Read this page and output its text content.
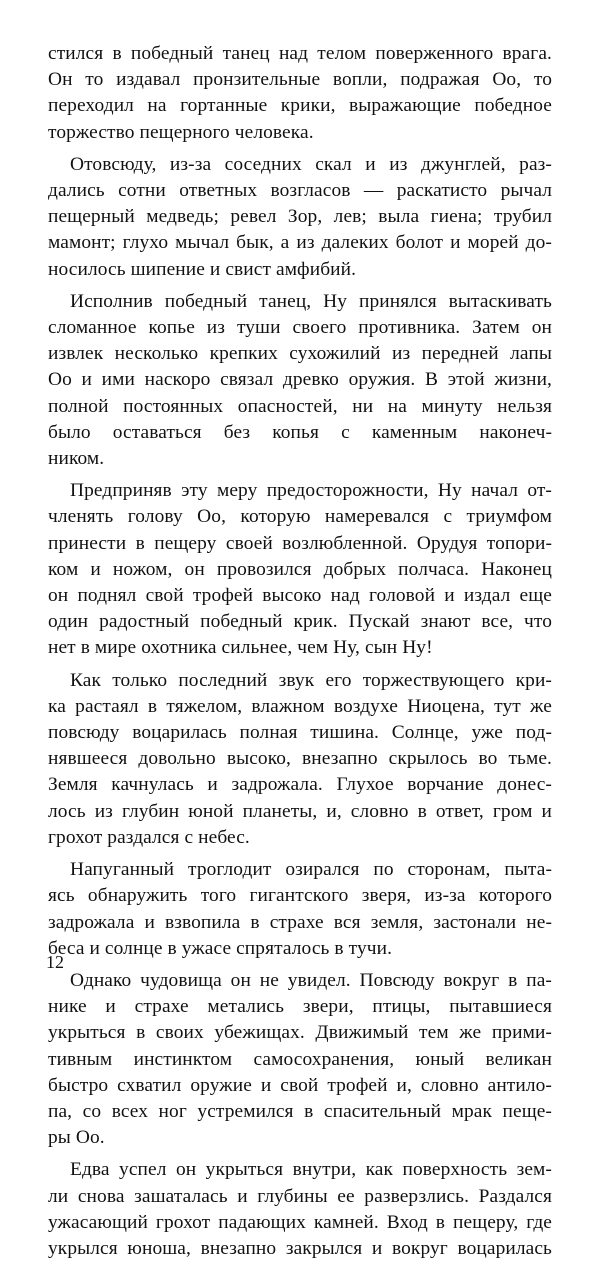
стился в победный танец над телом поверженного врага.
Он то издавал пронзительные вопли, подражая Оо, то
переходил на гортанные крики, выражающие победное
торжество пещерного человека.

Отовсюду, из-за соседних скал и из джунглей, раз-
дались сотни ответных возгласов — раскатисто рычал
пещерный медведь; ревел Зор, лев; выла гиена; трубил
мамонт; глухо мычал бык, а из далеких болот и морей до-
носилось шипение и свист амфибий.

Исполнив победный танец, Ну принялся вытаскивать
сломанное копье из туши своего противника. Затем он
извлек несколько крепких сухожилий из передней лапы
Оо и ими наскоро связал древко оружия. В этой жизни,
полной постоянных опасностей, ни на минуту нельзя
было оставаться без копья с каменным наконеч-
ником.

Предприняв эту меру предосторожности, Ну начал от-
членять голову Оо, которую намеревался с триумфом
принести в пещеру своей возлюбленной. Орудуя топори-
ком и ножом, он провозился добрых полчаса. Наконец
он поднял свой трофей высоко над головой и издал еще
один радостный победный крик. Пускай знают все, что
нет в мире охотника сильнее, чем Ну, сын Ну!

Как только последний звук его торжествующего кри-
ка растаял в тяжелом, влажном воздухе Ниоцена, тут же
повсюду воцарилась полная тишина. Солнце, уже под-
нявшееся довольно высоко, внезапно скрылось во тьме.
Земля качнулась и задрожала. Глухое ворчание донес-
лось из глубин юной планеты, и, словно в ответ, гром и
грохот раздался с небес.

Напуганный троглодит озирался по сторонам, пыта-
ясь обнаружить того гигантского зверя, из-за которого
задрожала и взвопила в страхе вся земля, застонали не-
беса и солнце в ужасе спряталось в тучи.

Однако чудовища он не увидел. Повсюду вокруг в па-
нике и страхе метались звери, птицы, пытавшиеся
укрыться в своих убежищах. Движимый тем же прими-
тивным инстинктом самосохранения, юный великан
быстро схватил оружие и свой трофей и, словно антило-
па, со всех ног устремился в спасительный мрак пеще-
ры Оо.

Едва успел он укрыться внутри, как поверхность зем-
ли снова зашаталась и глубины ее разверзлись. Раздался
ужасающий грохот падающих камней. Вход в пещеру, где
укрылся юноша, внезапно закрылся и вокруг воцарилась

12
